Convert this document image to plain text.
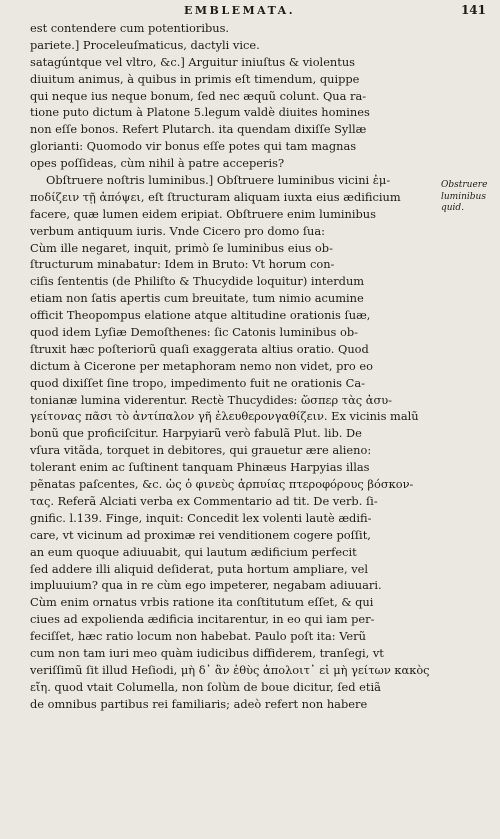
EMBLEMATA.	141
est contendere cum potentioribus.
pariete.] Proceleuſmaticus, dactyli vice.
satagúntque vel vltro, &c.] Arguitur iniuſtus & violentus
diuitum animus, à quibus in primis eſt timendum, quippe
qui neque ius neque bonum, ſed nec æquũ colunt. Qua ra-
tione puto dictum à Platone 5.legum valdè diuites homines
non eſſe bonos. Refert Plutarch. ita quendam dixiſſe Syllæ
glorianti: Quomodo vir bonus eſſe potes qui tam magnas
opes poſſideas, cùm nihil à patre acceperis?
Obſtruere noſtris luminibus.] Obſtruere luminibus vicini ἐμ-
ποδίζειν τῇ ἀπόψει, eſt ſtructuram aliquam iuxta eius ædificium
facere, quæ lumen eidem eripiat. Obſtruere enim luminibus
verbum antiquum iuris. Vnde Cicero pro domo ſua:
Cùm ille negaret, inquit, primò ſe luminibus eius ob-
ſtructurum minabatur: Idem in Bruto: Vt horum con-
ciſis ſententis (de Philiſto & Thucydide loquitur) interdum
etiam non ſatis apertis cum breuitate, tum nimio acumine
officit Theopompus elatione atque altitudine orationis ſuæ,
quod idem Lyſiæ Demoſthenes: ſic Catonis luminibus ob-
ſtruxit hæc poſteriorũ quaſi exaggerata altius oratio. Quod
dictum à Cicerone per metaphoram nemo non videt, pro eo
quod dixiſſet ſine tropo, impedimento fuit ne orationis Ca-
tonianæ lumina viderentur. Rectè Thucydides: ὥσπερ τὰς ἀσυ-
γείτονας πᾶσι τὸ ἀντίπαλον γῆ ἐλευθερονγαθίζειν. Ex vicinis malũ
bonũ que proficiſcitur. Harpyiarũ verò fabulã Plut. lib. De
vſura vitãda, torquet in debitores, qui grauetur ære alieno:
tolerant enim ac ſuſtinent tanquam Phinæus Harpyias illas
pẽnatas paſcentes, &c. ὡς ὁ φινεὺς ἁρπυίας πτεροφόρους βόσκον-
τας. Referã Alciati verba ex Commentario ad tit. De verb. ſi-
gnific. l.139. Finge, inquit: Concedit lex volenti lautè ædifi-
care, vt vicinum ad proximæ rei venditionem cogere poſſit,
an eum quoque adiuuabit, qui lautum ædificium perfecit
ſed addere illi aliquid deſiderat, puta hortum ampliare, vel
impluuium? qua in re cùm ego impeterer, negabam adiuuari.
Cùm enim ornatus vrbis ratione ita conſtitutum eſſet, & qui
ciues ad expolienda ædificia incitarentur, in eo qui iam per-
feciſſet, hæc ratio locum non habebat. Paulo poſt ita: Verũ
cum non tam iuri meo quàm iudicibus diffiderem, tranſegi, vt
veriſſimũ ſit illud Heſiodi, μὴ δ᾽ ἂν ἐθὺς ἀπολοιτ᾽ εἰ μὴ γείτων κακὸς
εἴη. quod vtait Columella, non ſolùm de boue dicitur, ſed etiã
de omnibus partibus rei familiaris; adeò refert non habere
Obstruere
luminibus
quid.
